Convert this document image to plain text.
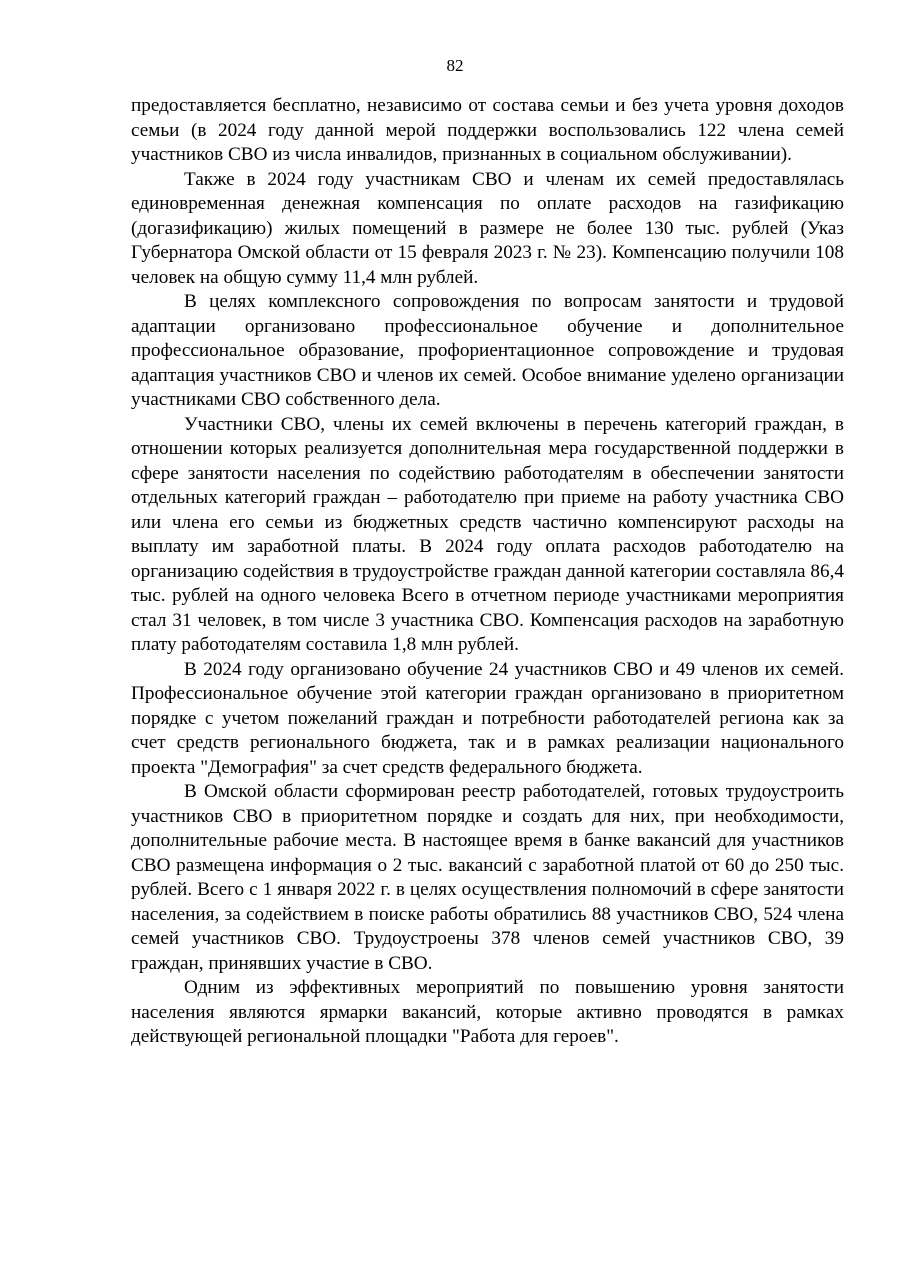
82

предоставляется бесплатно, независимо от состава семьи и без учета уровня доходов семьи (в 2024 году данной мерой поддержки воспользовались 122 члена семей участников СВО из числа инвалидов, признанных в социальном обслуживании).

Также в 2024 году участникам СВО и членам их семей предоставлялась единовременная денежная компенсация по оплате расходов на газификацию (догазификацию) жилых помещений в размере не более 130 тыс. рублей (Указ Губернатора Омской области от 15 февраля 2023 г. № 23). Компенсацию получили 108 человек на общую сумму 11,4 млн рублей.

В целях комплексного сопровождения по вопросам занятости и трудовой адаптации организовано профессиональное обучение и дополнительное профессиональное образование, профориентационное сопровождение и трудовая адаптация участников СВО и членов их семей. Особое внимание уделено организации участниками СВО собственного дела.

Участники СВО, члены их семей включены в перечень категорий граждан, в отношении которых реализуется дополнительная мера государственной поддержки в сфере занятости населения по содействию работодателям в обеспечении занятости отдельных категорий граждан – работодателю при приеме на работу участника СВО или члена его семьи из бюджетных средств частично компенсируют расходы на выплату им заработной платы. В 2024 году оплата расходов работодателю на организацию содействия в трудоустройстве граждан данной категории составляла 86,4 тыс. рублей на одного человека Всего в отчетном периоде участниками мероприятия стал 31 человек, в том числе 3 участника СВО. Компенсация расходов на заработную плату работодателям составила 1,8 млн рублей.

В 2024 году организовано обучение 24 участников СВО и 49 членов их семей. Профессиональное обучение этой категории граждан организовано в приоритетном порядке с учетом пожеланий граждан и потребности работодателей региона как за счет средств регионального бюджета, так и в рамках реализации национального проекта "Демография" за счет средств федерального бюджета.

В Омской области сформирован реестр работодателей, готовых трудоустроить участников СВО в приоритетном порядке и создать для них, при необходимости, дополнительные рабочие места. В настоящее время в банке вакансий для участников СВО размещена информация о 2 тыс. вакансий с заработной платой от 60 до 250 тыс. рублей. Всего с 1 января 2022 г. в целях осуществления полномочий в сфере занятости населения, за содействием в поиске работы обратились 88 участников СВО, 524 члена семей участников СВО. Трудоустроены 378 членов семей участников СВО, 39 граждан, принявших участие в СВО.

Одним из эффективных мероприятий по повышению уровня занятости населения являются ярмарки вакансий, которые активно проводятся в рамках действующей региональной площадки "Работа для героев".
